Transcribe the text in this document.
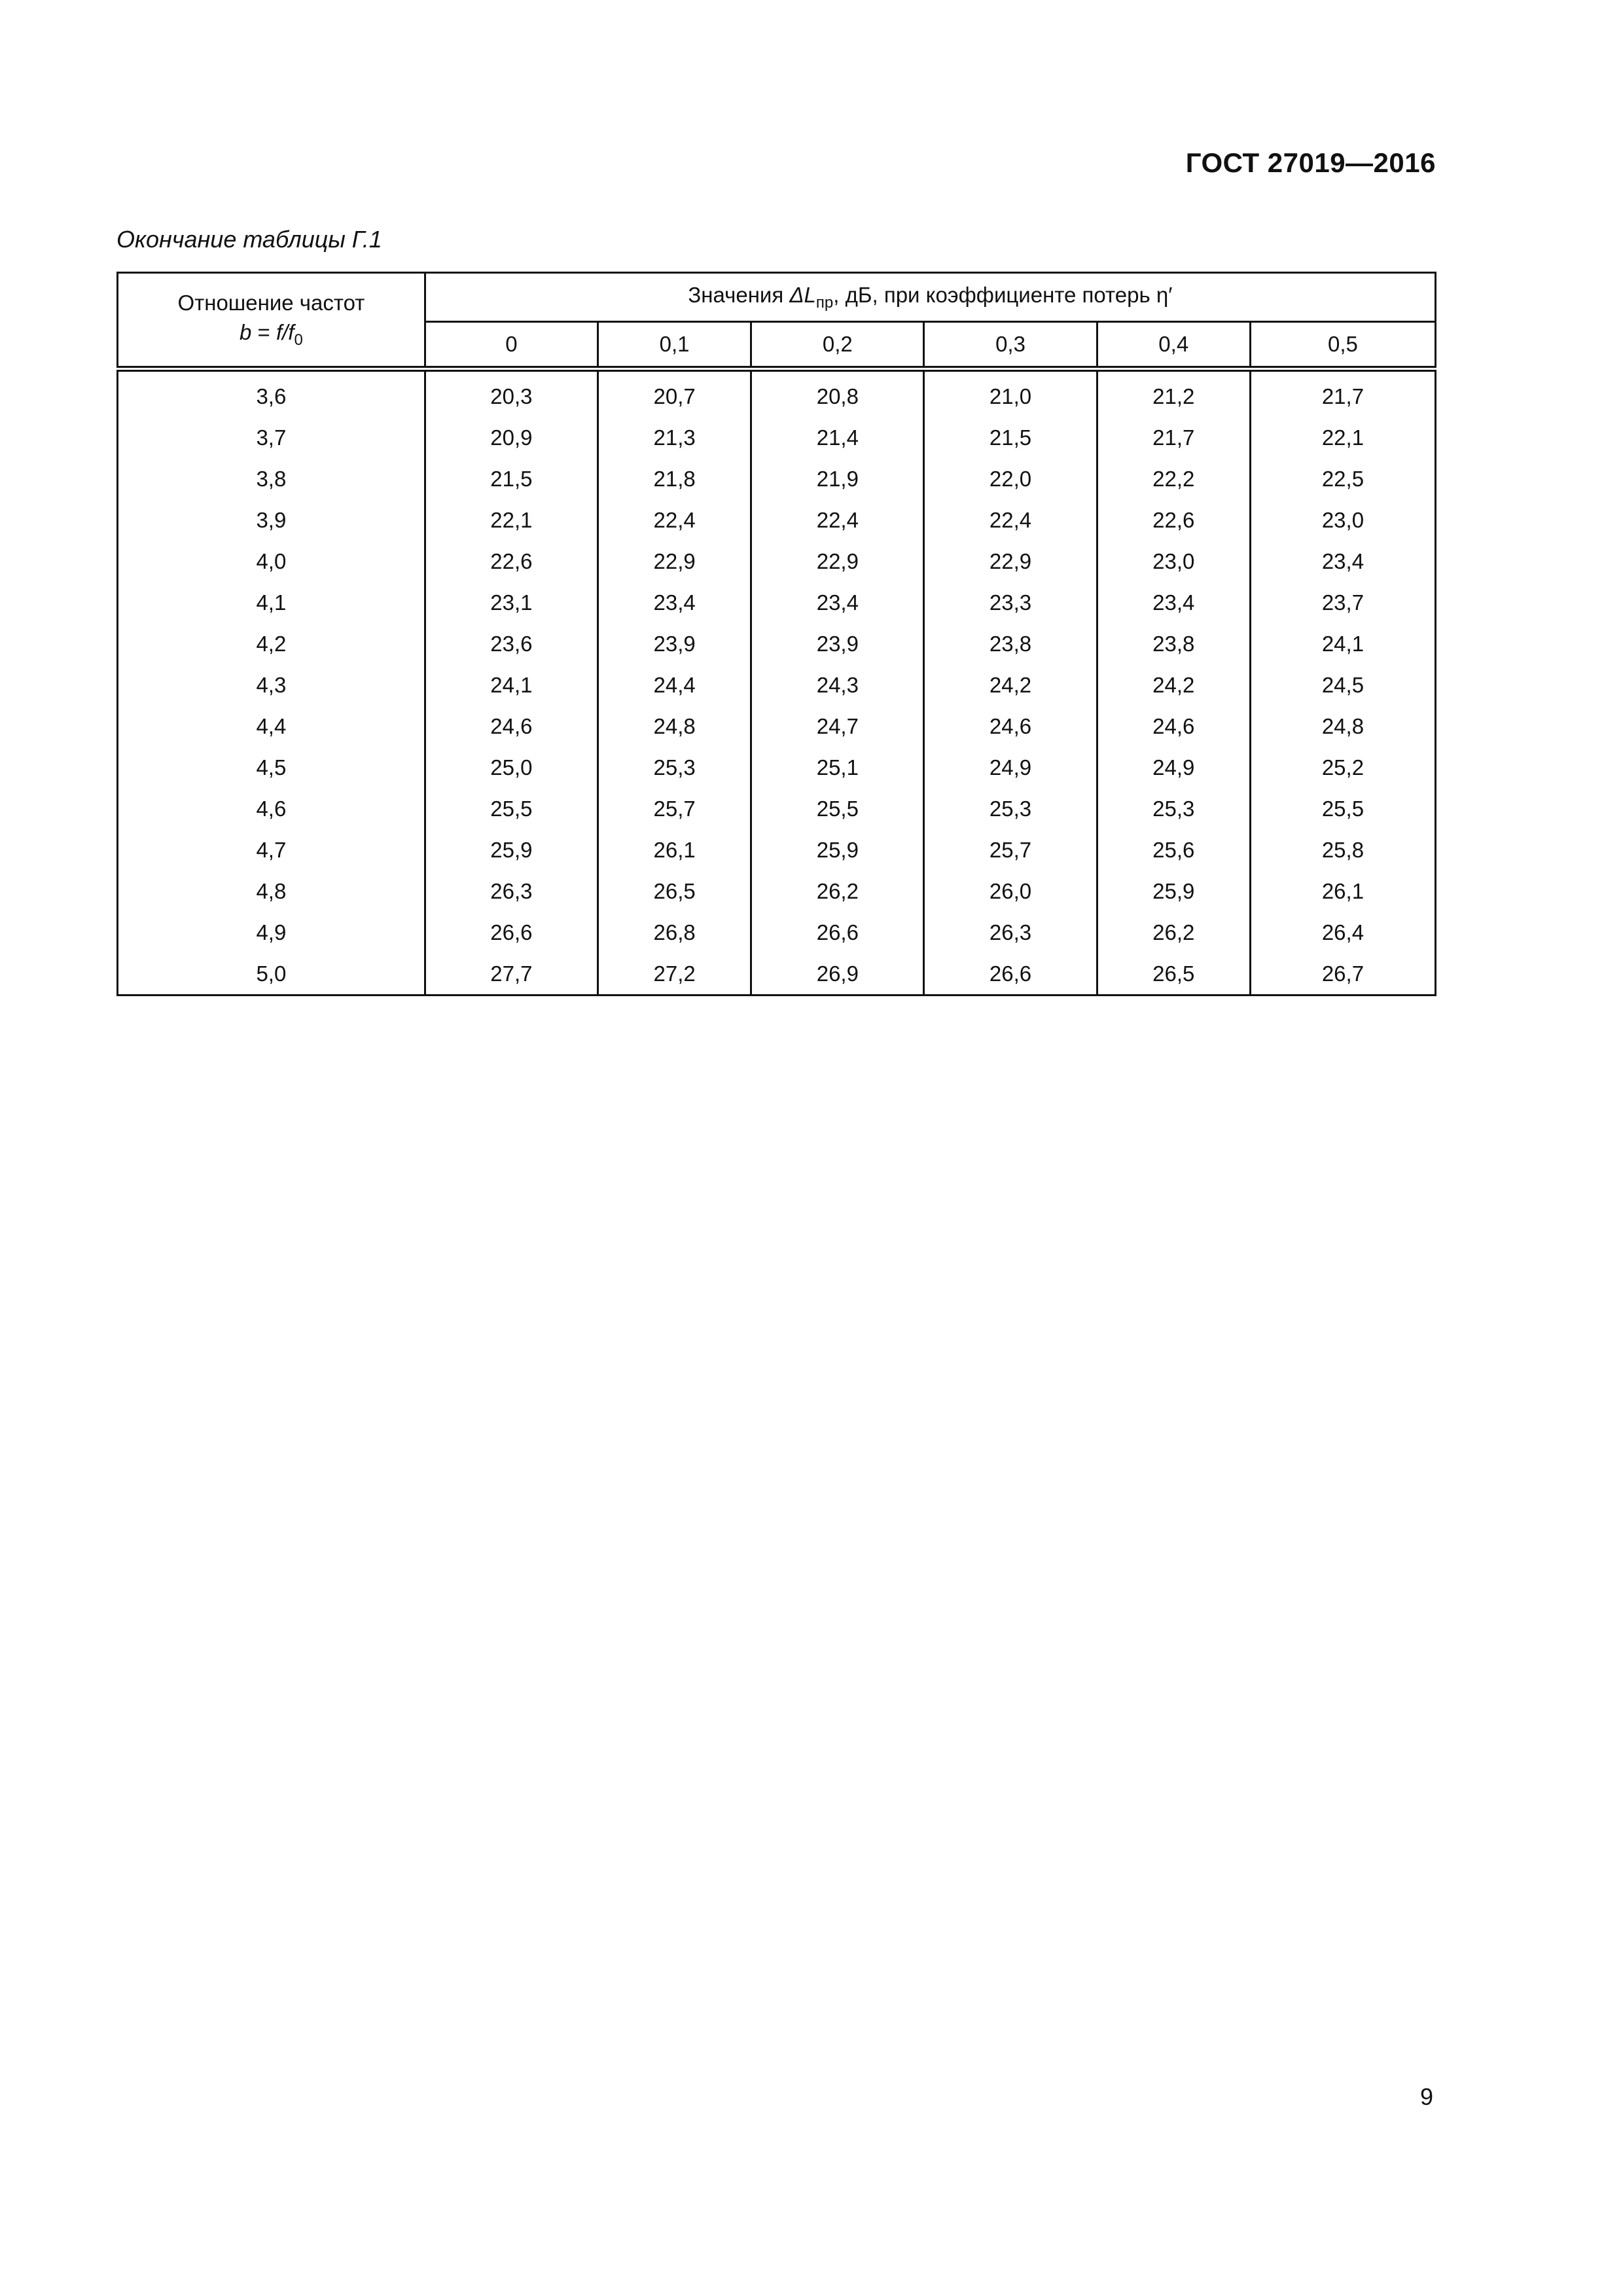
ГОСТ 27019—2016
Окончание таблицы Г.1
Отношение частот
$b = f/f_0$	Значения $\Delta L_{пр}$, дБ, при коэффициенте потерь η′					
	0	0,1	0,2	0,3	0,4	0,5
3,6	20,3	20,7	20,8	21,0	21,2	21,7
3,7	20,9	21,3	21,4	21,5	21,7	22,1
3,8	21,5	21,8	21,9	22,0	22,2	22,5
3,9	22,1	22,4	22,4	22,4	22,6	23,0
4,0	22,6	22,9	22,9	22,9	23,0	23,4
4,1	23,1	23,4	23,4	23,3	23,4	23,7
4,2	23,6	23,9	23,9	23,8	23,8	24,1
4,3	24,1	24,4	24,3	24,2	24,2	24,5
4,4	24,6	24,8	24,7	24,6	24,6	24,8
4,5	25,0	25,3	25,1	24,9	24,9	25,2
4,6	25,5	25,7	25,5	25,3	25,3	25,5
4,7	25,9	26,1	25,9	25,7	25,6	25,8
4,8	26,3	26,5	26,2	26,0	25,9	26,1
4,9	26,6	26,8	26,6	26,3	26,2	26,4
5,0	27,7	27,2	26,9	26,6	26,5	26,7
9
